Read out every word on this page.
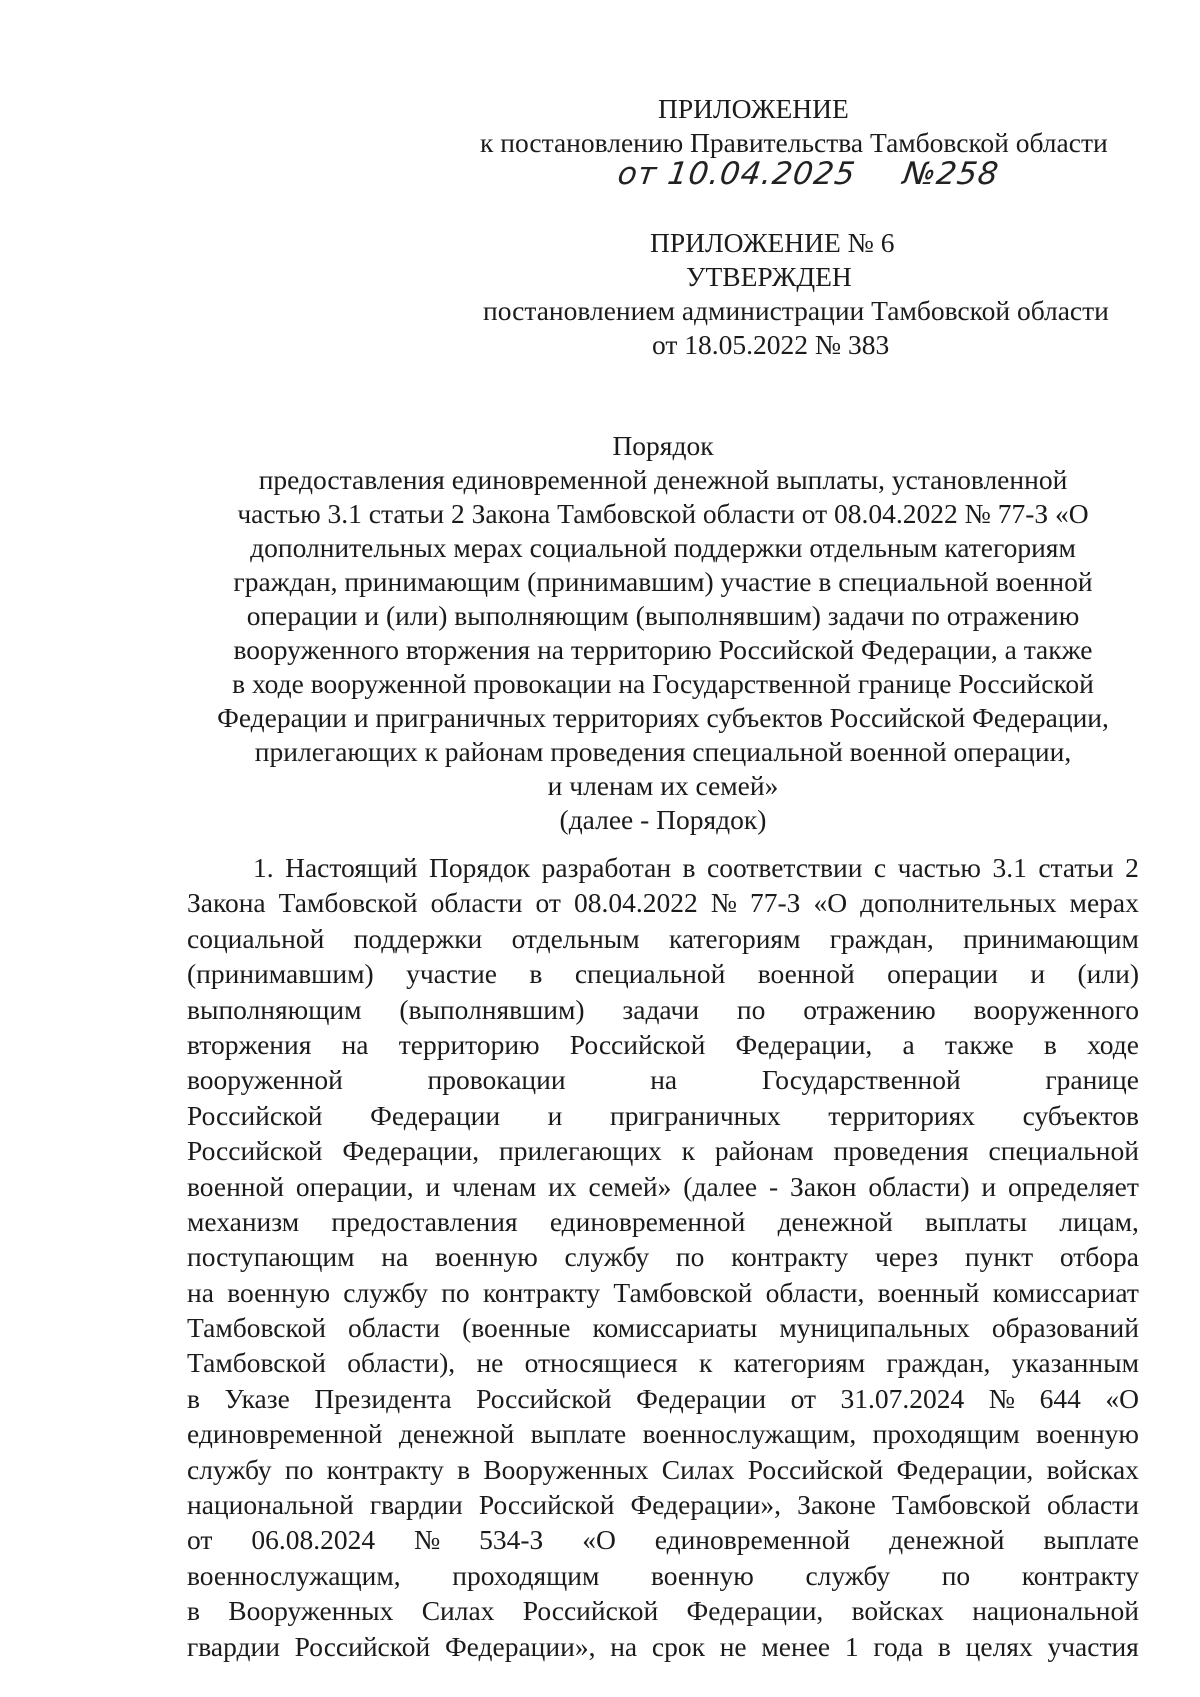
ПРИЛОЖЕНИЕ
к постановлению Правительства Тамбовской области
от 10.04.2025 №258
ПРИЛОЖЕНИЕ № 6
УТВЕРЖДЕН
постановлением администрации Тамбовской области
от 18.05.2022 № 383
Порядок
предоставления единовременной денежной выплаты, установленной
частью 3.1 статьи 2 Закона Тамбовской области от 08.04.2022 № 77-З «О
дополнительных мерах социальной поддержки отдельным категориям
граждан, принимающим (принимавшим) участие в специальной военной
операции и (или) выполняющим (выполнявшим) задачи по отражению
вооруженного вторжения на территорию Российской Федерации, а также
в ходе вооруженной провокации на Государственной границе Российской
Федерации и приграничных территориях субъектов Российской Федерации,
прилегающих к районам проведения специальной военной операции,
и членам их семей»
(далее - Порядок)
1. Настоящий Порядок разработан в соответствии с частью 3.1 статьи 2
Закона Тамбовской области от 08.04.2022 № 77-З «О дополнительных мерах
социальной поддержки отдельным категориям граждан, принимающим
(принимавшим) участие в специальной военной операции и (или)
выполняющим (выполнявшим) задачи по отражению вооруженного
вторжения на территорию Российской Федерации, а также в ходе
вооруженной	провокации	на	Государственной	границе
Российской Федерации и приграничных территориях субъектов
Российской Федерации, прилегающих к районам проведения специальной
военной операции, и членам их семей» (далее - Закон области) и определяет
механизм предоставления единовременной денежной выплаты лицам,
поступающим на военную службу по контракту через пункт отбора
на военную службу по контракту Тамбовской области, военный комиссариат
Тамбовской области (военные комиссариаты муниципальных образований
Тамбовской области), не относящиеся к категориям граждан, указанным
в Указе Президента Российской Федерации от 31.07.2024 № 644 «О
единовременной денежной выплате военнослужащим, проходящим военную
службу по контракту в Вооруженных Силах Российской Федерации, войсках
национальной гвардии Российской Федерации», Законе Тамбовской области
от 06.08.2024 № 534-З «О единовременной денежной выплате
военнослужащим, проходящим военную службу по контракту
в Вооруженных Силах Российской Федерации, войсках национальной
гвардии Российской Федерации», на срок не менее 1 года в целях участия
